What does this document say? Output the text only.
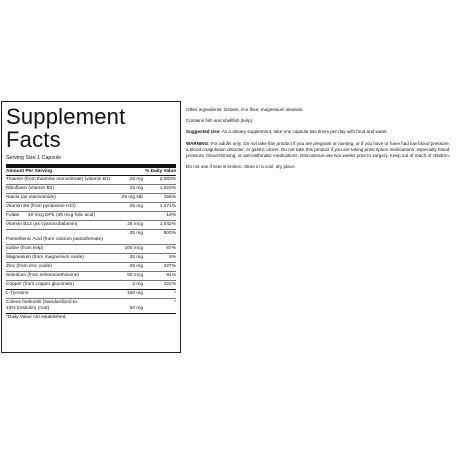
Supplement
Facts
Serving Size 1 Capsule
Amount Per Serving	% Daily Value
Thiamin (from thiamine mononitrate) (vitamin B1)	25 mg	2,083%
Riboflavin (vitamin B2)	25 mg	1,923%
Niacin (as niacinamide)	25 mg NE	156%
Vitamin B6 (from pyridoxine HCl)	25 mg	1,471%
Folate	40 mcg DFE (25 mcg folic acid)	10%
Vitamin B12 (as cyanocobalamin)	25 mcg	1,042%
Pantothenic Acid (from calcium pantothenate)
25 mg	500%
Iodine (from kelp)	100 mcg	67%
Magnesium (from magnesium oxide)	25 mg	6%
Zinc (from zinc oxide)	25 mg	227%
Selenium (from selenomethionine)	50 mcg	91%
Copper (from copper gluconate)	2 mg	222%
L-Tyrosine	150 mg	*
Coleus forskohlii (standardized to 10% forskolin) (root)	50 mg
*
*Daily Value not established.

Other ingredients: Gelatin, rice flour, magnesium stearate.

Contains fish and shellfish (kelp).

Suggested Use: As a dietary supplement, take one capsule two times per day with food and water.

WARNING: For adults only. Do not take this product if you are pregnant or nursing, or if you have or have had low blood pressure, a blood coagulation disorder, or gastric ulcers. Do not take this product if you are taking prescription medications, especially blood pressure, blood-thinning, or anti-asthmatic medications. Discontinue use two weeks prior to surgery. Keep out of reach of children.

Do not use if seal is broken. Store in a cool, dry place.
